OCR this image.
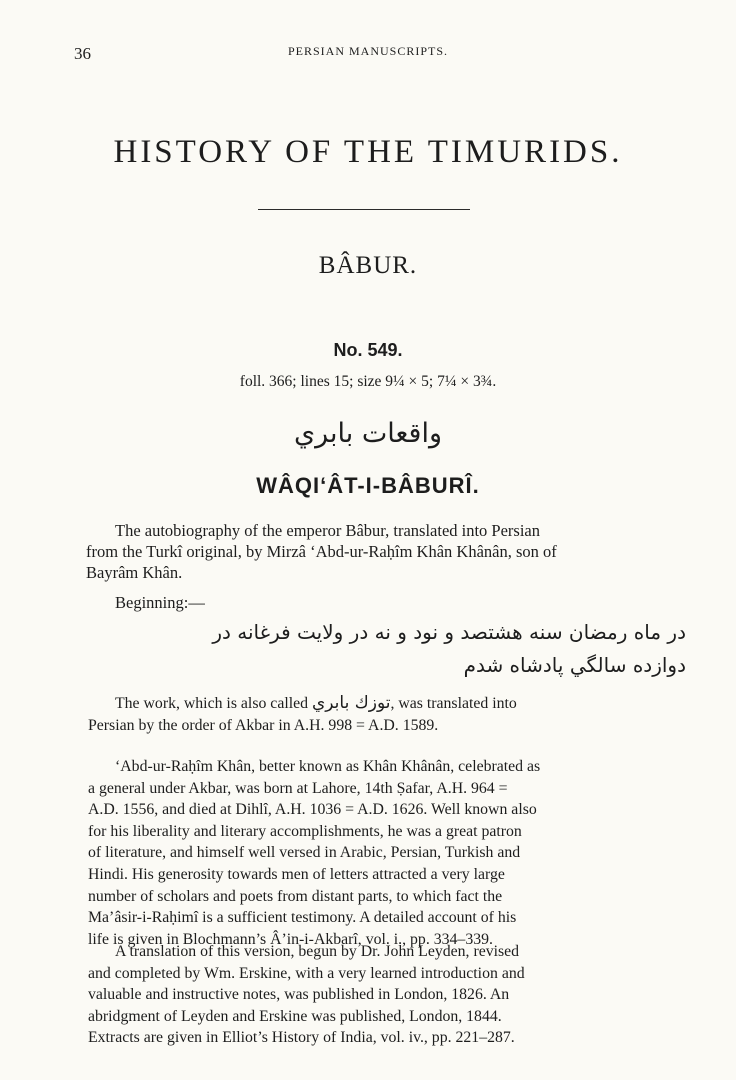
36	PERSIAN MANUSCRIPTS.
HISTORY OF THE TIMURIDS.
BÂBUR.
No. 549.
foll. 366; lines 15; size 9¼ × 5; 7¼ × 3¾.
واقعات بابري
WÂQI‘ÂT-I-BÂBURÎ.
The autobiography of the emperor Bâbur, translated into Persian
from the Turkî original, by Mirzâ ‘Abd-ur-Raḥîm Khân Khânân, son of
Bayrâm Khân.
Beginning:—
در ماه رمضان سنه هشتصد و نود و نه در ولایت فرغانه در
دوازده سالگي پادشاه شدم
The work, which is also called توزك بابري, was translated into
Persian by the order of Akbar in A.H. 998 = A.D. 1589.
‘Abd-ur-Raḥîm Khân, better known as Khân Khânân, celebrated as
a general under Akbar, was born at Lahore, 14th Ṣafar, A.H. 964 =
A.D. 1556, and died at Dihlî, A.H. 1036 = A.D. 1626. Well known also
for his liberality and literary accomplishments, he was a great patron
of literature, and himself well versed in Arabic, Persian, Turkish and
Hindi. His generosity towards men of letters attracted a very large
number of scholars and poets from distant parts, to which fact the
Ma’âsir-i-Raḥimî is a sufficient testimony. A detailed account of his
life is given in Blochmann’s Â’in-i-Akbarî, vol. i., pp. 334–339.
A translation of this version, begun by Dr. John Leyden, revised
and completed by Wm. Erskine, with a very learned introduction and
valuable and instructive notes, was published in London, 1826. An
abridgment of Leyden and Erskine was published, London, 1844.
Extracts are given in Elliot’s History of India, vol. iv., pp. 221–287.
